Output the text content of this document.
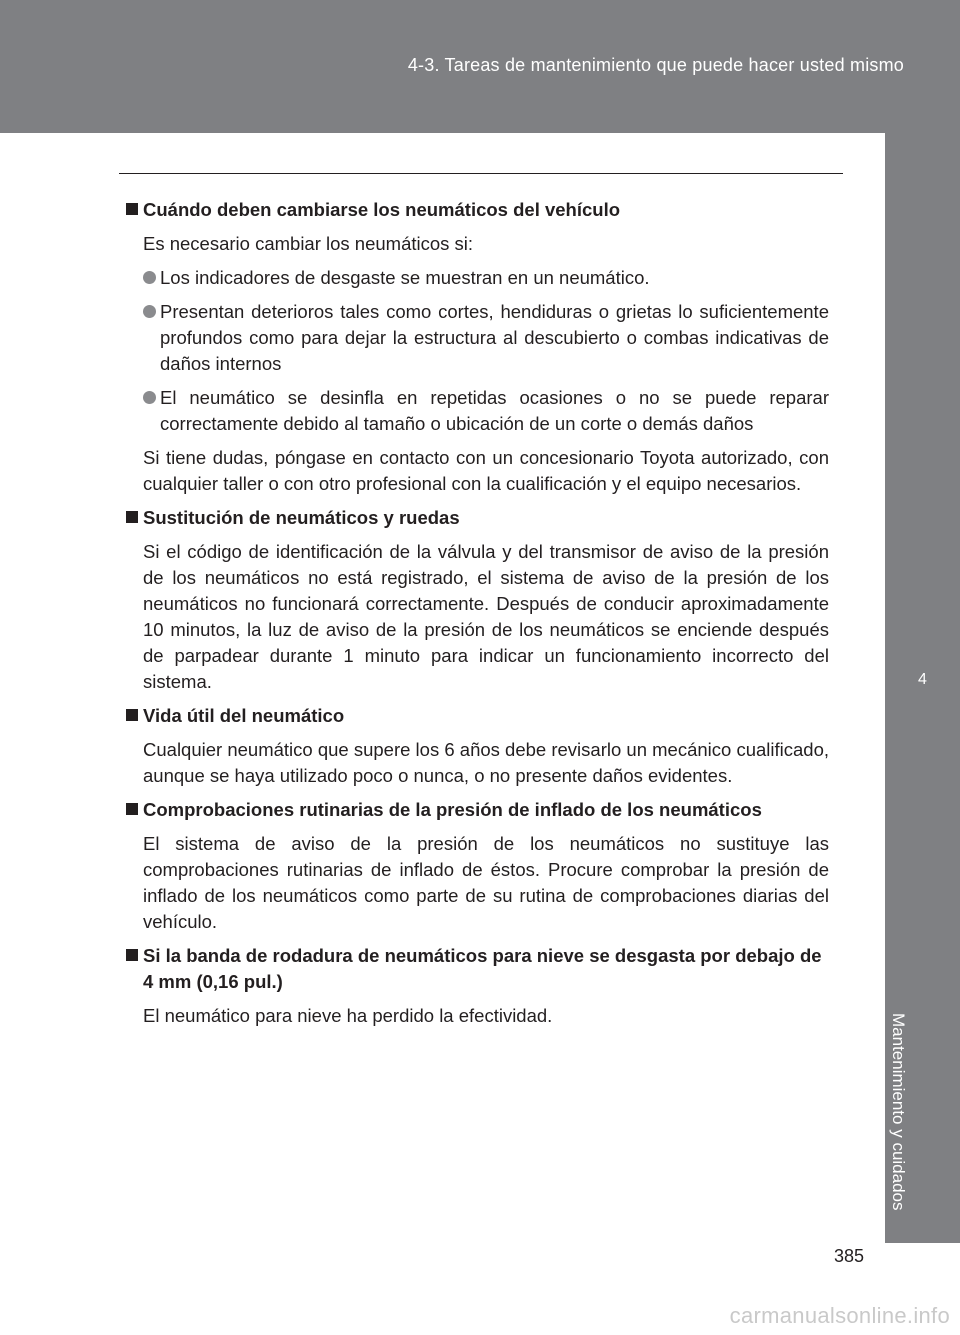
4-3. Tareas de mantenimiento que puede hacer usted mismo
4
Mantenimiento y cuidados
Cuándo deben cambiarse los neumáticos del vehículo

Es necesario cambiar los neumáticos si:

Los indicadores de desgaste se muestran en un neumático.
Presentan deterioros tales como cortes, hendiduras o grietas lo suficientemente profundos como para dejar la estructura al descubierto o combas indicativas de daños internos
El neumático se desinfla en repetidas ocasiones o no se puede reparar correctamente debido al tamaño o ubicación de un corte o demás daños

Si tiene dudas, póngase en contacto con un concesionario Toyota autorizado, con cualquier taller o con otro profesional con la cualificación y el equipo necesarios.

Sustitución de neumáticos y ruedas

Si el código de identificación de la válvula y del transmisor de aviso de la presión de los neumáticos no está registrado, el sistema de aviso de la presión de los neumáticos no funcionará correctamente. Después de conducir aproximadamente 10 minutos, la luz de aviso de la presión de los neumáticos se enciende después de parpadear durante 1 minuto para indicar un funcionamiento incorrecto del sistema.

Vida útil del neumático

Cualquier neumático que supere los 6 años debe revisarlo un mecánico cualificado, aunque se haya utilizado poco o nunca, o no presente daños evidentes.

Comprobaciones rutinarias de la presión de inflado de los neumáticos

El sistema de aviso de la presión de los neumáticos no sustituye las comprobaciones rutinarias de inflado de éstos. Procure comprobar la presión de inflado de los neumáticos como parte de su rutina de comprobaciones diarias del vehículo.

Si la banda de rodadura de neumáticos para nieve se desgasta por debajo de 4 mm (0,16 pul.)

El neumático para nieve ha perdido la efectividad.

385
carmanualsonline.info
